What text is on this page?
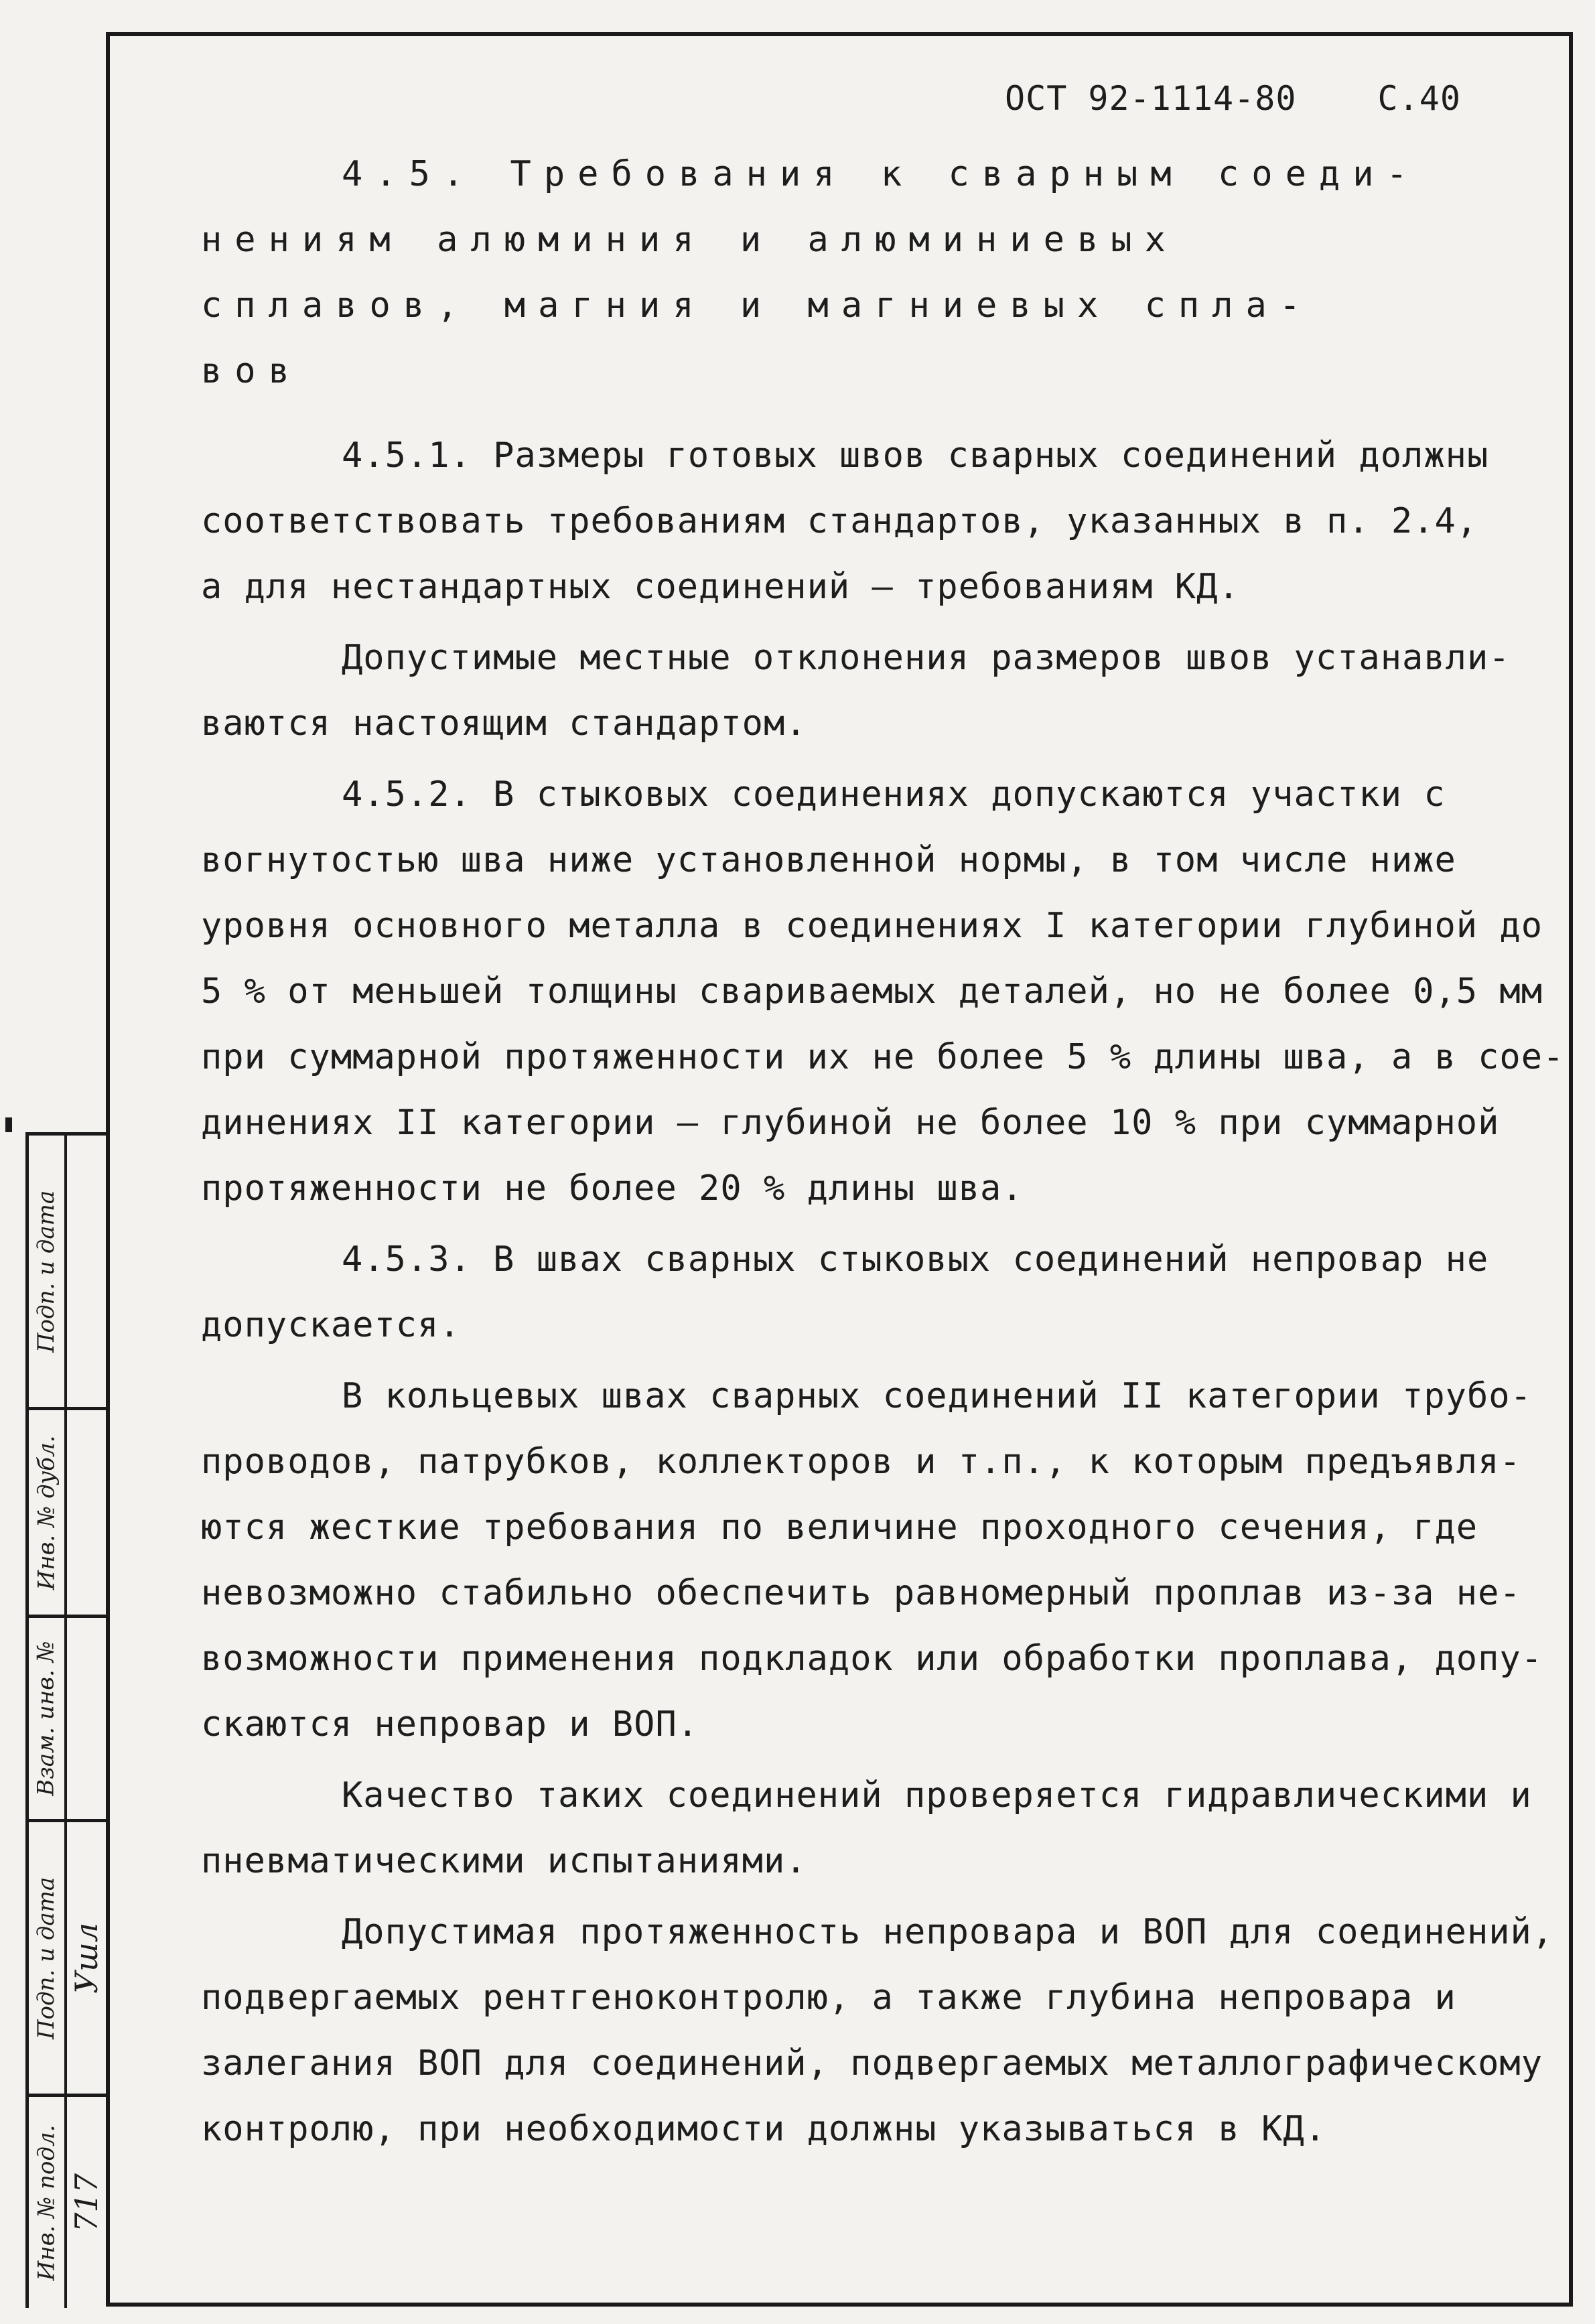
ОСТ 92-1114-80 С.40
Подп. и дата
Инв. № дубл.
Взам. инв. №
Подп. и дата Ушл
Инв. № подл. 717
4.5. Требования к сварным соеди-
нениям алюминия и алюминиевых
сплавов, магния и магниевых спла-
вов
4.5.1. Размеры готовых швов сварных соединений должны
соответствовать требованиям стандартов, указанных в п. 2.4,
а для нестандартных соединений – требованиям КД.
Допустимые местные отклонения размеров швов устанавли-
ваются настоящим стандартом.
4.5.2. В стыковых соединениях допускаются участки с
вогнутостью шва ниже установленной нормы, в том числе ниже
уровня основного металла в соединениях I категории глубиной до
5 % от меньшей толщины свариваемых деталей, но не более 0,5 мм
при суммарной протяженности их не более 5 % длины шва, а в сое-
динениях II категории – глубиной не более 10 % при суммарной
протяженности не более 20 % длины шва.
4.5.3. В швах сварных стыковых соединений непровар не
допускается.
В кольцевых швах сварных соединений II категории трубо-
проводов, патрубков, коллекторов и т.п., к которым предъявля-
ются жесткие требования по величине проходного сечения, где
невозможно стабильно обеспечить равномерный проплав из-за не-
возможности применения подкладок или обработки проплава, допу-
скаются непровар и ВОП.
Качество таких соединений проверяется гидравлическими и
пневматическими испытаниями.
Допустимая протяженность непровара и ВОП для соединений,
подвергаемых рентгеноконтролю, а также глубина непровара и
залегания ВОП для соединений, подвергаемых металлографическому
контролю, при необходимости должны указываться в КД.
